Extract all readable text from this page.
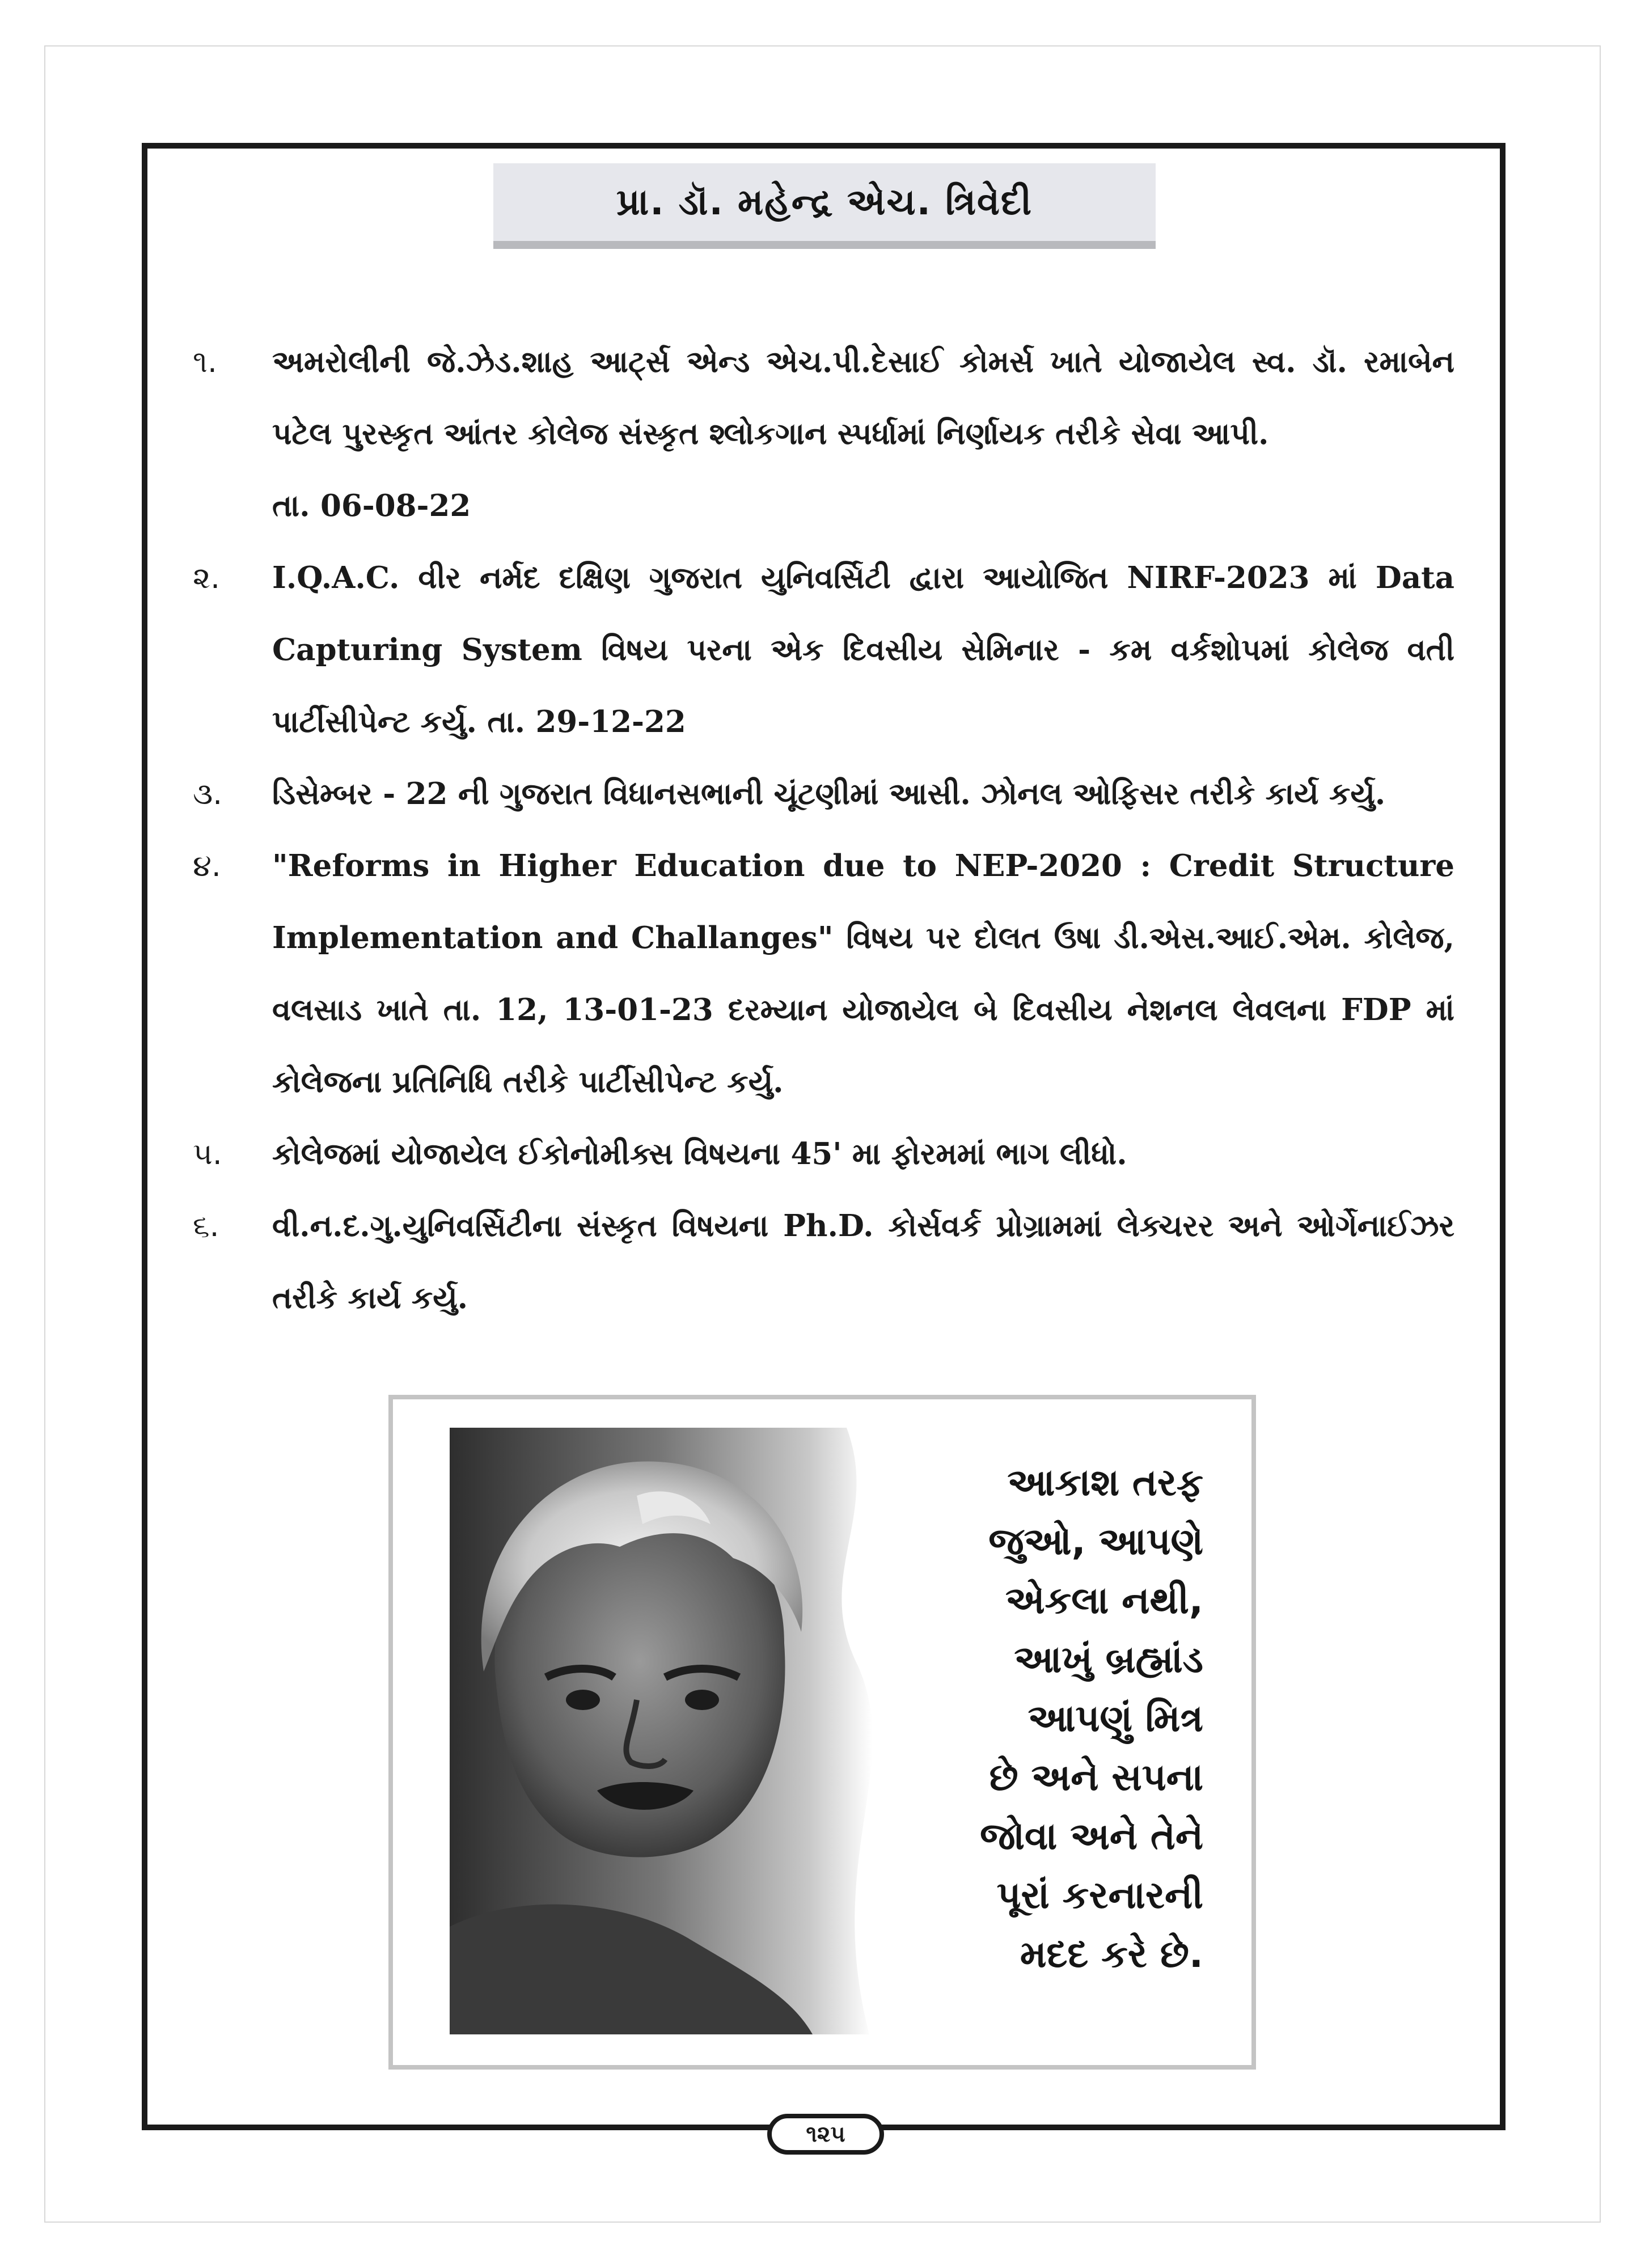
પ્રા. ડૉ. મહેન્દ્ર એચ. ત્રિવેદી
૧.	અમરોલીની જે.ઝેડ.શાહ આર્ટ્સ એન્ડ એચ.પી.દેસાઈ કોમર્સ ખાતે યોજાયેલ સ્વ. ડૉ. રમાબેન પટેલ પુરસ્કૃત આંતર કોલેજ સંસ્કૃત શ્લોકગાન સ્પર્ધામાં નિર્ણાયક તરીકે સેવા આપી.
તા. 06-08-22
૨.	I.Q.A.C. વીર નર્મદ દક્ષિણ ગુજરાત યુનિવર્સિટી દ્વારા આયોજિત NIRF-2023 માં Data Capturing System વિષય પરના એક દિવસીય સેમિનાર - કમ વર્કશોપમાં કોલેજ વતી પાર્ટીસીપેન્ટ કર્યુ. તા. 29-12-22
૩.	ડિસેમ્બર - 22 ની ગુજરાત વિધાનસભાની ચૂંટણીમાં આસી. ઝોનલ ઓફિસર તરીકે કાર્ય કર્યુ.
૪.	"Reforms in Higher Education due to NEP-2020 : Credit Structure Implementation and Challanges" વિષય પર દોલત ઉષા ડી.એસ.આઈ.એમ. કોલેજ, વલસાડ ખાતે તા. 12, 13-01-23 દરમ્યાન યોજાયેલ બે દિવસીય નેશનલ લેવલના FDP માં કોલેજના પ્રતિનિધિ તરીકે પાર્ટીસીપેન્ટ કર્યુ.
૫.	કોલેજમાં યોજાયેલ ઈકોનોમીક્સ વિષયના 45' મા ફોરમમાં ભાગ લીધો.
૬.	વી.ન.દ.ગુ.યુનિવર્સિટીના સંસ્કૃત વિષયના Ph.D. કોર્સવર્ક પ્રોગ્રામમાં લેક્ચરર અને ઓર્ગેનાઈઝર તરીકે કાર્ય કર્યુ.
આકાશ તરફ
જુઓ, આપણે
એકલા નથી,
આખું બ્રહ્માંડ
આપણું મિત્ર
છે અને સપના
જોવા અને તેને
પૂરાં કરનારની
મદદ કરે છે.
૧૨૫
